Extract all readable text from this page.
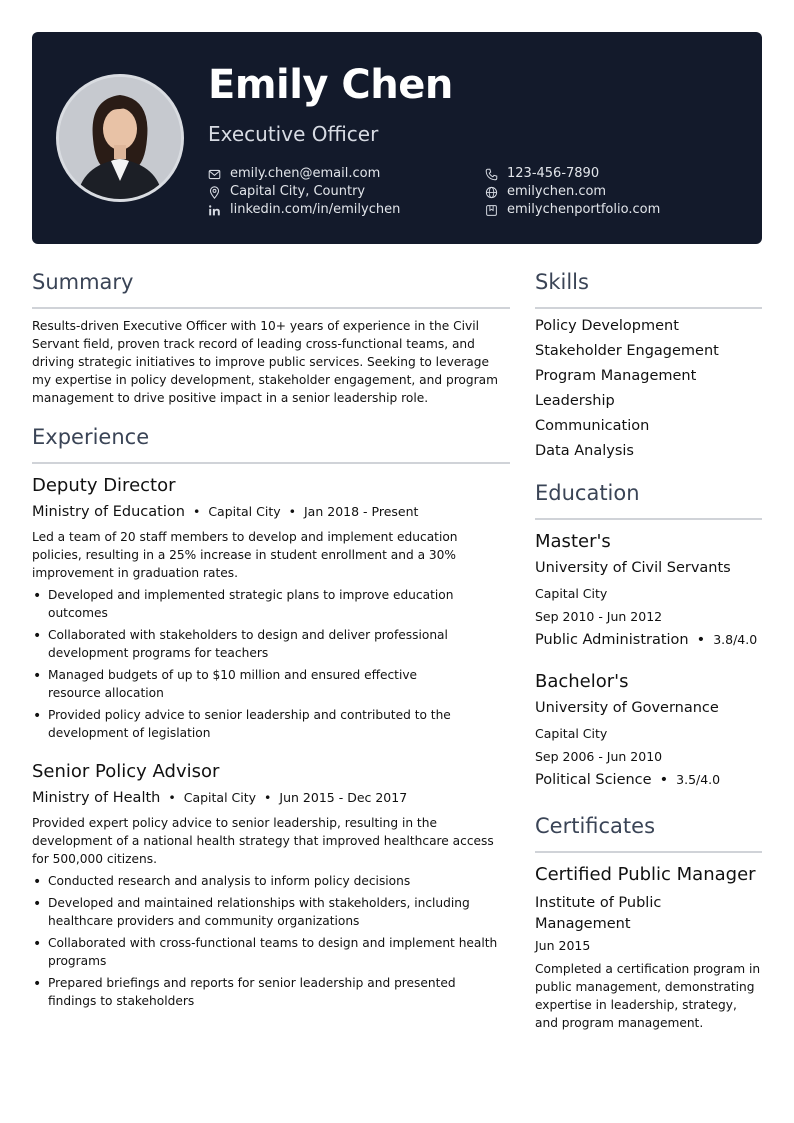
Emily Chen
Executive Officer
emily.chen@email.com
Capital City, Country
linkedin.com/in/emilychen
123-456-7890
emilychen.com
emilychenportfolio.com
Summary

Results-driven Executive Officer with 10+ years of experience in the Civil Servant field, proven track record of leading cross-functional teams, and driving strategic initiatives to improve public services. Seeking to leverage my expertise in policy development, stakeholder engagement, and program management to drive positive impact in a senior leadership role.

Experience
Deputy Director
Ministry of Education • Capital City • Jan 2018 - Present

Led a team of 20 staff members to develop and implement education policies, resulting in a 25% increase in student enrollment and a 30% improvement in graduation rates.

• Developed and implemented strategic plans to improve education outcomes
• Collaborated with stakeholders to design and deliver professional development programs for teachers
• Managed budgets of up to $10 million and ensured effective resource allocation
• Provided policy advice to senior leadership and contributed to the development of legislation
Senior Policy Advisor
Ministry of Health • Capital City • Jun 2015 - Dec 2017

Provided expert policy advice to senior leadership, resulting in the development of a national health strategy that improved healthcare access for 500,000 citizens.

• Conducted research and analysis to inform policy decisions
• Developed and maintained relationships with stakeholders, including healthcare providers and community organizations
• Collaborated with cross-functional teams to design and implement health programs
• Prepared briefings and reports for senior leadership and presented findings to stakeholders
Skills
Policy Development
Stakeholder Engagement
Program Management
Leadership
Communication
Data Analysis
Education
Master's
University of Civil Servants
Capital City
Sep 2010 - Jun 2012
Public Administration • 3.8/4.0
Bachelor's
University of Governance
Capital City
Sep 2006 - Jun 2010
Political Science • 3.5/4.0
Certificates
Certified Public Manager
Institute of Public Management
Jun 2015

Completed a certification program in public management, demonstrating expertise in leadership, strategy, and program management.
